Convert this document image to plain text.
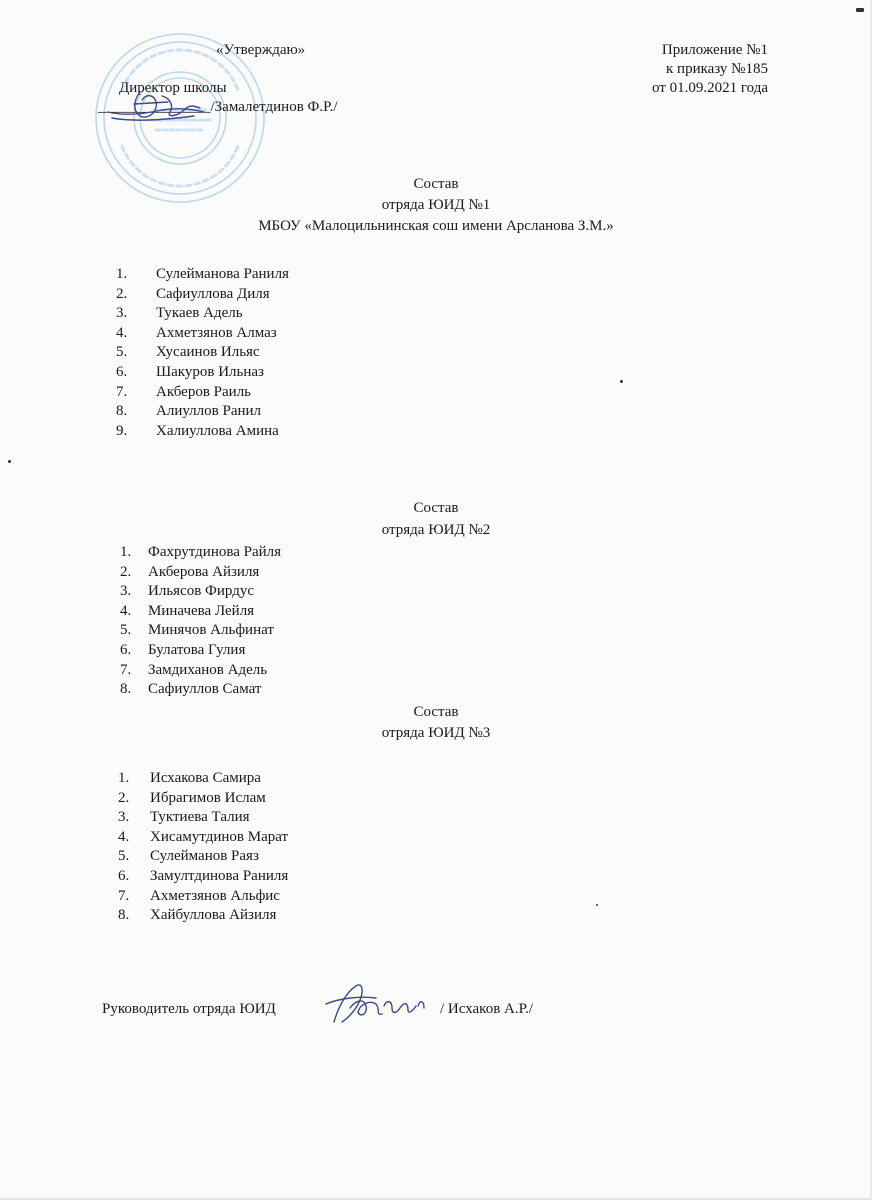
«Утверждаю»
Директор школы
_______________/Замалетдинов Ф.Р./
Приложение №1
к приказу №185
от 01.09.2021 года
Состав
отряда ЮИД №1
МБОУ «Малоцильнинская сош имени Арсланова З.М.»
1. Сулейманова Раниля
2. Сафиуллова Диля
3. Тукаев Адель
4. Ахметзянов Алмаз
5. Хусаинов Ильяс
6. Шакуров Ильназ
7. Акберов Раиль
8. Алиуллов Ранил
9. Халиуллова Амина
Состав
отряда ЮИД №2
1. Фахрутдинова Райля
2. Акберова Айзиля
3. Ильясов Фирдус
4. Миначева Лейля
5. Минячов Альфинат
6. Булатова Гулия
7. Замдиханов Адель
8. Сафиуллов Самат
Состав
отряда ЮИД №3
1. Исхакова Самира
2. Ибрагимов Ислам
3. Туктиева Талия
4. Хисамутдинов Марат
5. Сулейманов Раяз
6. Замултдинова Раниля
7. Ахметзянов Альфис
8. Хайбуллова Айзиля
Руководитель отряда ЮИД	/ Исхаков А.Р./
